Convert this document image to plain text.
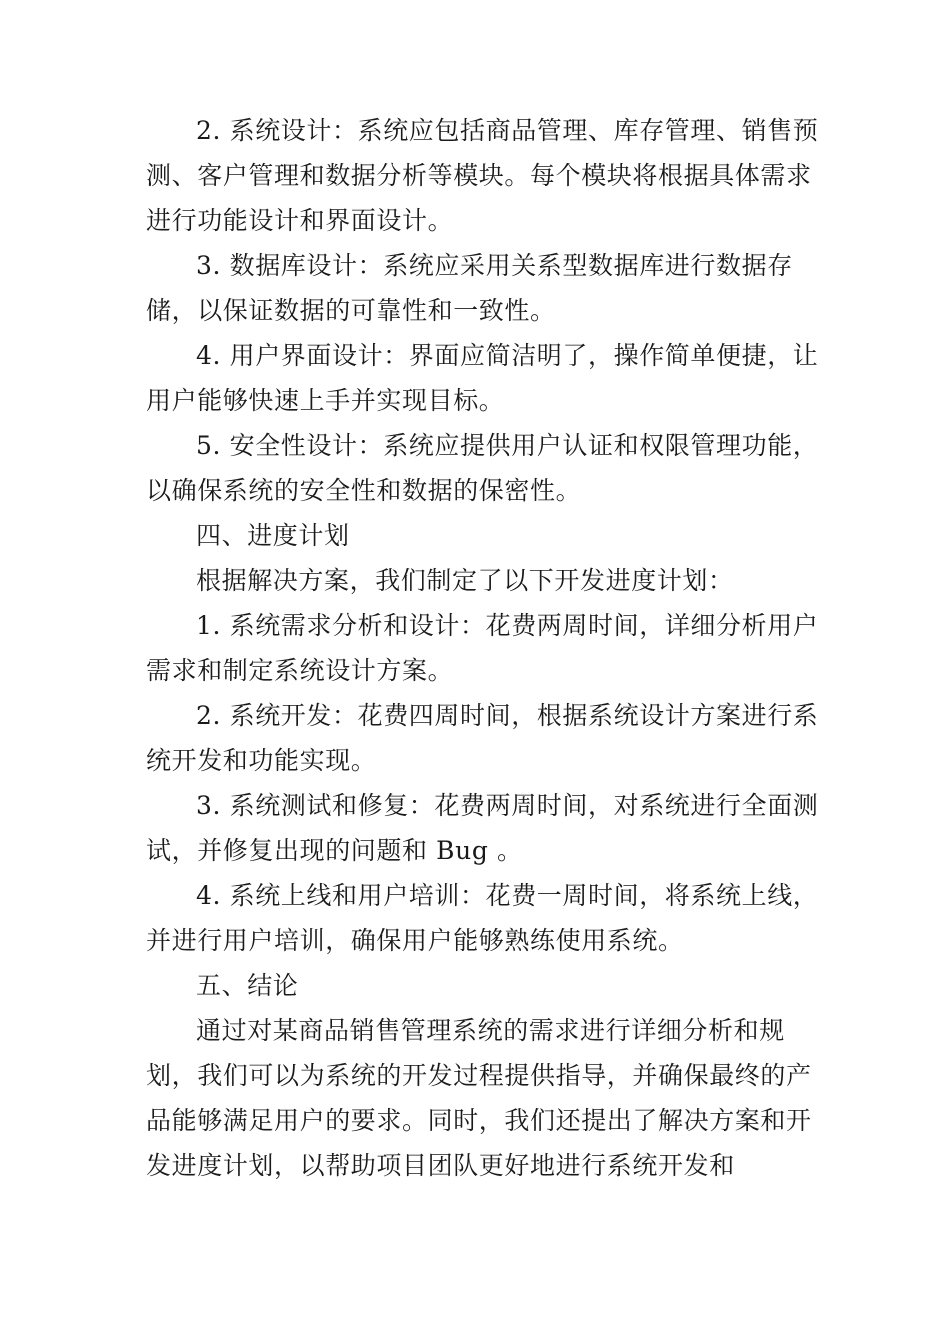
2. 系统设计：系统应包括商品管理、库存管理、销售预测、客户管理和数据分析等模块。每个模块将根据具体需求进行功能设计和界面设计。

3. 数据库设计：系统应采用关系型数据库进行数据存储，以保证数据的可靠性和一致性。

4. 用户界面设计：界面应简洁明了，操作简单便捷，让用户能够快速上手并实现目标。

5. 安全性设计：系统应提供用户认证和权限管理功能，以确保系统的安全性和数据的保密性。

四、进度计划

根据解决方案，我们制定了以下开发进度计划：

1. 系统需求分析和设计：花费两周时间，详细分析用户需求和制定系统设计方案。

2. 系统开发：花费四周时间，根据系统设计方案进行系统开发和功能实现。

3. 系统测试和修复：花费两周时间，对系统进行全面测试，并修复出现的问题和 Bug 。

4. 系统上线和用户培训：花费一周时间，将系统上线，并进行用户培训，确保用户能够熟练使用系统。

五、结论

通过对某商品销售管理系统的需求进行详细分析和规划，我们可以为系统的开发过程提供指导，并确保最终的产品能够满足用户的要求。同时，我们还提出了解决方案和开发进度计划，以帮助项目团队更好地进行系统开发和
